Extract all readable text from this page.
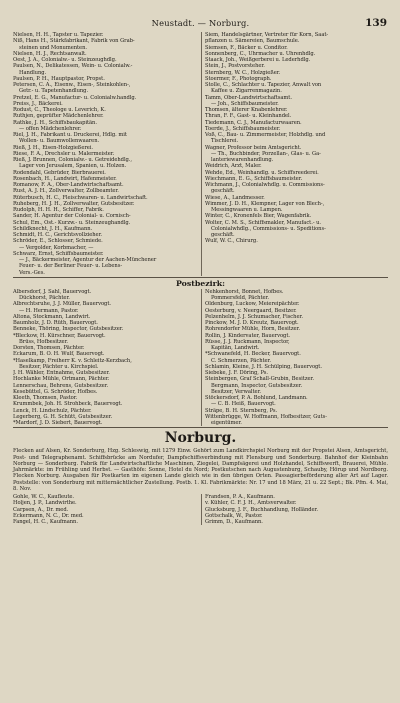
Neustadt. — Norburg.	139
Nielsen, H. H., Tapster u. Tapezier.
Niß, Hans H., Stärkfabrikant, Fabrik von Grab-
steinen und Monumenten.
Nielsen, H. J., Rechtsanwalt.
Oest, J. A., Colonialw.- u. Steinzeughdlg.
Paulsen, N., Delikatessen, Wein- u. Colonialw.-
Handlung.
Paulsen, P. H., Hauptpastor, Propst.
Petersen, C. A., Eisenw., Eisen-, Steinkohlen-,
Getr.- u. Tapetenhandlung.
Pretzel, E. G., Manufactur- u. Colonialw.handlg.
Preiss, J., Bäckerei.
Rodust, C., Theologe u. Leverich, K.
Ruthjen, geprüfter Mädchenlehrer.
Rathke, J. H., Schiffsbaukapitän.
— offen Mädchenlehrer.
Riel, J. H., Fabrikant u. Druckerei, Hdlg. mit
Wollen- u. Baumwollenwaaren.
Rieß, J. H., Eisen-Holzgießerei.
Riese, F. A., Drechsler u. Malermeister.
Rieß, J. Brunnen, Colonialw.- u. Getreidehdlg.,
Lager von Jerusalem, Spanien, u. Holzen.
Rodendahl, Gebrüder, Bierbrauerei.
Rosenbach, H., Landwirt, Hafenmeister.
Romanow, F. A., Ober-Landwirtschaftsamt.
Rust, A. J. H., Zollverwalter, Zollbeamter.
Rüterbusch, H. C., Fleischwaren- u. Landwirtschaft.
Ruheberg, H. J. H., Zollverwalter, Gutsbesitzer.
Rudolph, H. H. H., Schiffer, Fabrik.
Sander, H. Agentur der Colonial- u. Cornisch-
Schul, Em., Ost.- Kurzw.- u. Steinzeughandlg.
Schildknecht, J. H., Kaufmann.
Schmidt, H. C., Gerichtsvollzieher.
Schröder, E., Schlosser, Schmiede.
— Vergolder, Korbmacher, —
Schwarz, Ernst, Schiffsbaumeister.
— J., Bäckermeister, Agentur der Aachen-Münchener
Feuer- u. der Berliner Feuer- u. Lebens-
Vers.-Ges.
Siem, Handelsgärtner, Vertreter für Korn, Saat-
pflanzen u. Sämereien, Baumschule.
Siemsen, F., Bäcker u. Conditor.
Sonnenberg, C., Uhrmacher u. Uhrenhdlg.
Staack, Joh., Weißgerberei u. Lederhdlg.
Stein, J., Postvorsteher.
Sternberg, W. C., Holzgießer.
Stoermer, F., Photograph.
Stolle, C., Schlachter u. Tapezier, Anwalt von
Kaffee u. Zigarrenmagazin.
Tamm, Ober-Landwirtschaftsamt.
— Joh., Schiffsbaumeister.
Thomsen, älterer Knabenlehrer.
Thran, F. F., Gast- u. Kleinhandel.
Tiedemann, C. J., Manufacturwaaren.
Toerde, J., Schiffsbaumeister.
Voß, C., Bau- u. Zimmermeister, Holzhdlg. und
Tischlerei.
Wagner, Professor beim Amtsgericht.
— Th., Buchbinder, Porzellan-, Glas- u. Ga-
lanteriewarenhandlung.
Weidrich, Arzt, Maler.
Wehde, Ed., Weinhandlg. u. Schiffsreederei.
Wiechmann, E. G., Schiffsbaumeister.
Wichmann, J., Colonialwhdlg. u. Commissions-
geschäft.
Wiese, A., Landmesser.
Wimmer, J. D. H., Klempner, Lager von Blech-,
Messingwaaren u. Lampen.
Winter, C., Kronenfels Bier, Wagenfabrik.
Wolter, C. M. S., Schiffsmakler, Manufact.- u.
Colonialwhdlg., Commissions- u. Speditions-
geschäft.
Wulf, W. C., Chirurg.
Postbezirk:
Albersdorf, J. Sahl, Bauervogt.
Dückhorst, Pächter.
Albrechtsruhe, J. J. Müller, Bauervogt.
— H. Hermann, Pastor.
Altona, Stockmann, Landwirt.
Baumholz, J. D. Rüth, Bauervogt.
Benneke, Thöring, Inspector, Gutsbesitzer.
*Bleckow, H. Kürschner, Bauervogt.
Brüss, Hofbesitzer.
Dorsten, Thomsen, Pächter.
Eckarum, B. O. H. Wulf, Bauervogt.
*Haselkamp, Freiherr K. v. Schleitz-Kerzbach,
Besitzer, Pächter u. Kirchspiel.
J. H. Wähler, Entnahme, Gutsbesitzer.
Hochlanke Mühle, Ortmann, Pächter.
Lennerschau, Behrens, Gutsbesitzer.
Kesebüttel, G. Schröder, Hofbes.
Kleeth, Thomsen, Pastor.
Krummbek, Joh. H. Strohbeck, Bauervogt.
Lenck, H. Lindschulz, Pächter.
Legerberg, G. H. Schütt, Gutsbesitzer.
*Mardorf, J. D. Siebert, Bauervogt.
Nehkenhorst, Bonnet, Hofbes.
Pommersfeld, Pächter.
Oldenburg, Luckow, Meiereipächter.
Oesterburg, v. Neergaard, Besitzer.
Pelzenhelm, J. J. Schumacher, Fischer.
Pinckow, M. J. D. Kreutz, Bauervogt.
Rohrendorfer Mühle, Horn, Besitzer.
Rollin, J. Kindervater, Bauervogt.
Rüsse, J. J. Ruckmann, Inspector,
Kapitän, Landwirt.
*Schwanefeld, H. Becker, Bauervogt.
C. Schmerzen, Pächter.
Schlamin, Kleine, J. H. Schülping, Bauervogt.
Siebeke, J. F. Döring, Ps.
Steinbergen, Graf Schall-Grubin, Besitzer.
Bergmann, Inspector, Gutsbesitzer.
Besitzer, Verwalter.
Stöckersdorf, P. A. Bohlund, Landmann.
— C. B. Heiß, Bauervogt.
Sträpe, B. H. Sternberg, Ps.
Wittenbrügge, W. Hoffmann, Hofbesitzer, Guts-
eigentümer.
Norburg.
Flecken auf Alsen, Kr. Sonderburg, Hzg. Schleswig, mit 1279 Einw. Gehört zum Landkirchspiel Norburg mit der Propstei Alsen, Amtsgericht, Post- und Telegraphenamt. Schiffsbrücke am Nordufer, Dampfschiffsverbindung mit Flensburg und Sonderburg. Bahnhof der Kleinbahn Norburg — Sonderburg. Fabrik für Landwirtschaftliche Maschinen, Ziegelei, Dampfsägerei und Holzhandel, Schiffswerft, Brauerei, Mühle. Jahrmärkte: im Frühling und Herbst. — Gasthöfe: Sonne, Hotel du Nord; Postkutschen nach Augustenburg, Schauby, Hörup und Nordborg. Flecken Norburg. Ausgaben für Postkarten im eigenen Lande gleich wie in den übrigen Orten. Passagierbeförderung aller Art auf Lager. Poststelle: von Sonderburg mit mitternächtlicher Zustellung. Postb. 1. Kl. Fabrikmärkte: Nr. 17 und 18 März, 21 u. 22 Sept.; Bk. Pfm. 4. Mai, 8. Nov.
Gohle, W. C., Kaufleute.
Holjen, J. P., Landwirthe.
Carpsen, A., Dr. med.
Eckermann, N. C., Dr. med.
Fangel, H. C., Kaufmann.
Frandsen, P. A., Kaufmann.
v. Kühler, C. F. J. H., Amtsverwalter.
Glucksburg, J. F., Buchhandlung, Holländer.
Gottschalk, W., Pastor.
Grimm, D., Kaufmann.
